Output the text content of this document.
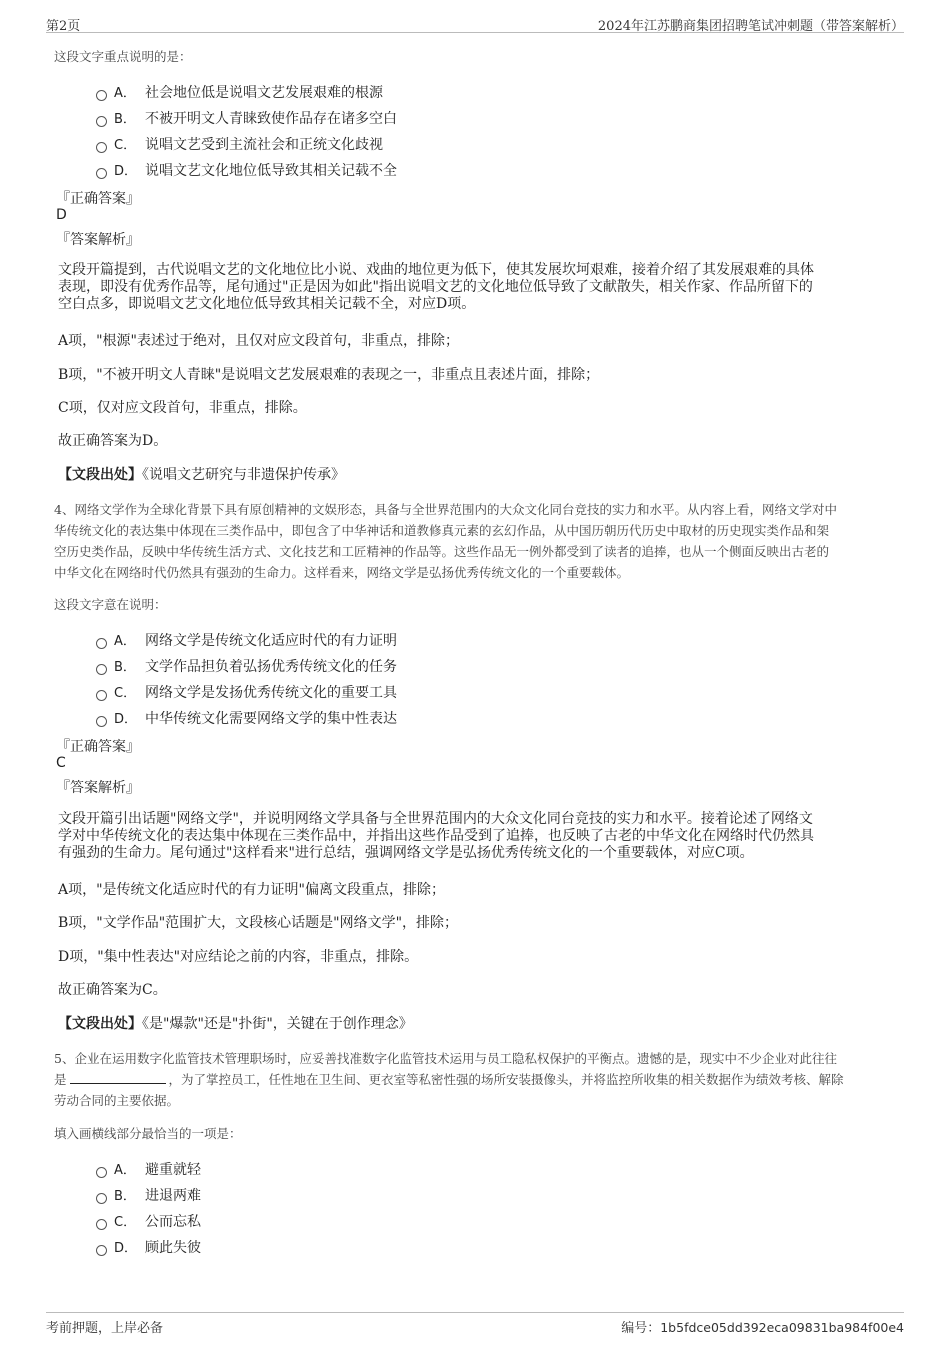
第2页	2024年江苏鹏商集团招聘笔试冲刺题（带答案解析）
这段文字重点说明的是：
A． 社会地位低是说唱文艺发展艰难的根源
B． 不被开明文人青睐致使作品存在诸多空白
C． 说唱文艺受到主流社会和正统文化歧视
D． 说唱文艺文化地位低导致其相关记载不全
『正确答案』
D
『答案解析』
文段开篇提到，古代说唱文艺的文化地位比小说、戏曲的地位更为低下，使其发展坎坷艰难，接着介绍了其发展艰难的具体
表现，即没有优秀作品等，尾句通过"正是因为如此"指出说唱文艺的文化地位低导致了文献散失，相关作家、作品所留下的
空白点多，即说唱文艺文化地位低导致其相关记载不全，对应D项。
A项，"根源"表述过于绝对，且仅对应文段首句，非重点，排除；
B项，"不被开明文人青睐"是说唱文艺发展艰难的表现之一，非重点且表述片面，排除；
C项，仅对应文段首句，非重点，排除。
故正确答案为D。
【文段出处】《说唱文艺研究与非遗保护传承》
4、网络文学作为全球化背景下具有原创精神的文娱形态，具备与全世界范围内的大众文化同台竞技的实力和水平。从内容上看，网络文学对中
华传统文化的表达集中体现在三类作品中，即包含了中华神话和道教修真元素的玄幻作品，从中国历朝历代历史中取材的历史现实类作品和架
空历史类作品，反映中华传统生活方式、文化技艺和工匠精神的作品等。这些作品无一例外都受到了读者的追捧，也从一个侧面反映出古老的
中华文化在网络时代仍然具有强劲的生命力。这样看来，网络文学是弘扬优秀传统文化的一个重要载体。
这段文字意在说明：
A． 网络文学是传统文化适应时代的有力证明
B． 文学作品担负着弘扬优秀传统文化的任务
C． 网络文学是发扬优秀传统文化的重要工具
D． 中华传统文化需要网络文学的集中性表达
『正确答案』
C
『答案解析』
文段开篇引出话题"网络文学"，并说明网络文学具备与全世界范围内的大众文化同台竞技的实力和水平。接着论述了网络文
学对中华传统文化的表达集中体现在三类作品中，并指出这些作品受到了追捧，也反映了古老的中华文化在网络时代仍然具
有强劲的生命力。尾句通过"这样看来"进行总结，强调网络文学是弘扬优秀传统文化的一个重要载体，对应C项。
A项，"是传统文化适应时代的有力证明"偏离文段重点，排除；
B项，"文学作品"范围扩大，文段核心话题是"网络文学"，排除；
D项，"集中性表达"对应结论之前的内容，非重点，排除。
故正确答案为C。
【文段出处】《是"爆款"还是"扑街"，关键在于创作理念》
5、企业在运用数字化监管技术管理职场时，应妥善找准数字化监管技术运用与员工隐私权保护的平衡点。遗憾的是，现实中不少企业对此往往
是	，为了掌控员工，任性地在卫生间、更衣室等私密性强的场所安装摄像头，并将监控所收集的相关数据作为绩效考核、解除
劳动合同的主要依据。
填入画横线部分最恰当的一项是：
A． 避重就轻
B． 进退两难
C． 公而忘私
D． 顾此失彼
考前押题，上岸必备	编号：1b5fdce05dd392eca09831ba984f00e4
